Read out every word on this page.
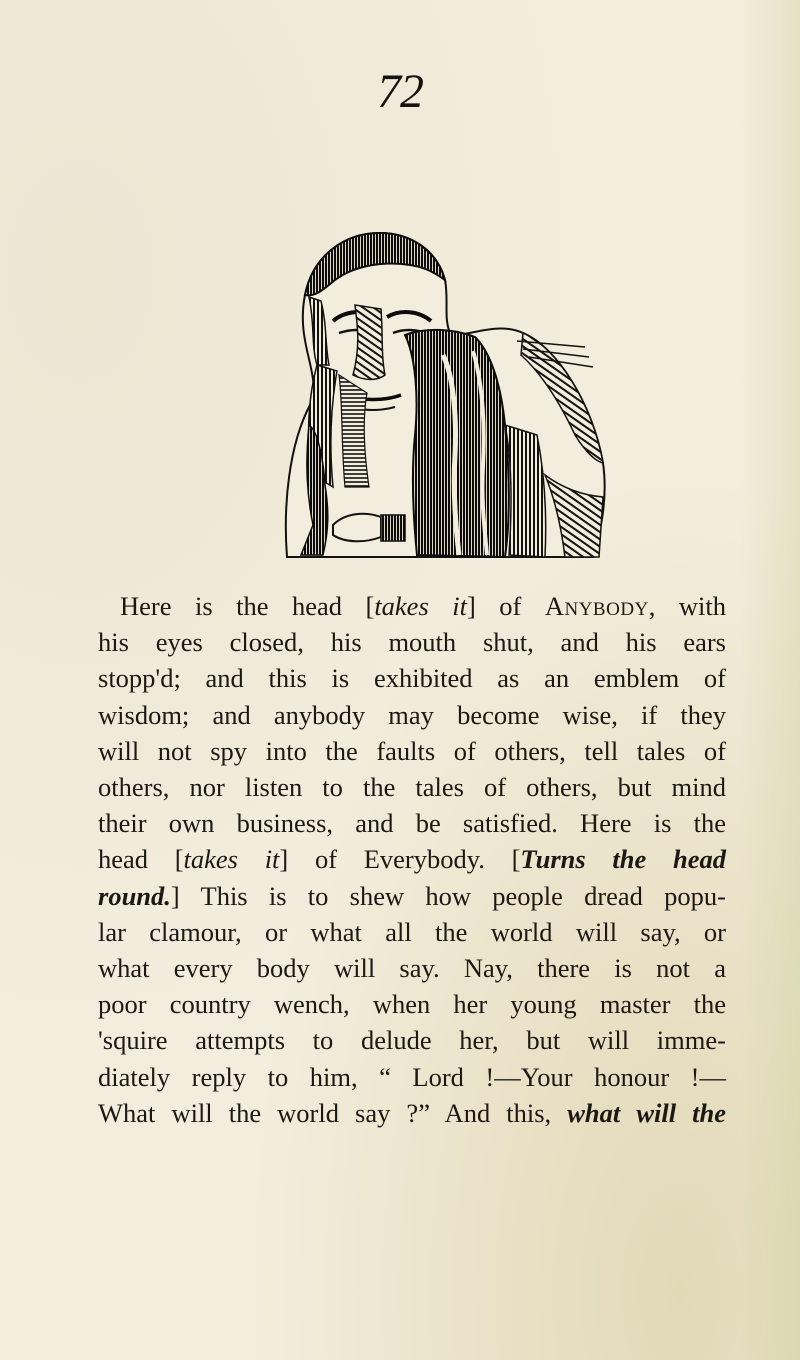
72
Here is the head [takes it] of Anybody, with
his eyes closed, his mouth shut, and his ears
stopp'd; and this is exhibited as an emblem of
wisdom; and anybody may become wise, if they
will not spy into the faults of others, tell tales of
others, nor listen to the tales of others, but mind
their own business, and be satisfied. Here is the
head [takes it] of Everybody. [Turns the head
round.] This is to shew how people dread popu-
lar clamour, or what all the world will say, or
what every body will say. Nay, there is not a
poor country wench, when her young master the
'squire attempts to delude her, but will imme-
diately reply to him, “ Lord !—Your honour !—
What will the world say ?” And this, what will the
